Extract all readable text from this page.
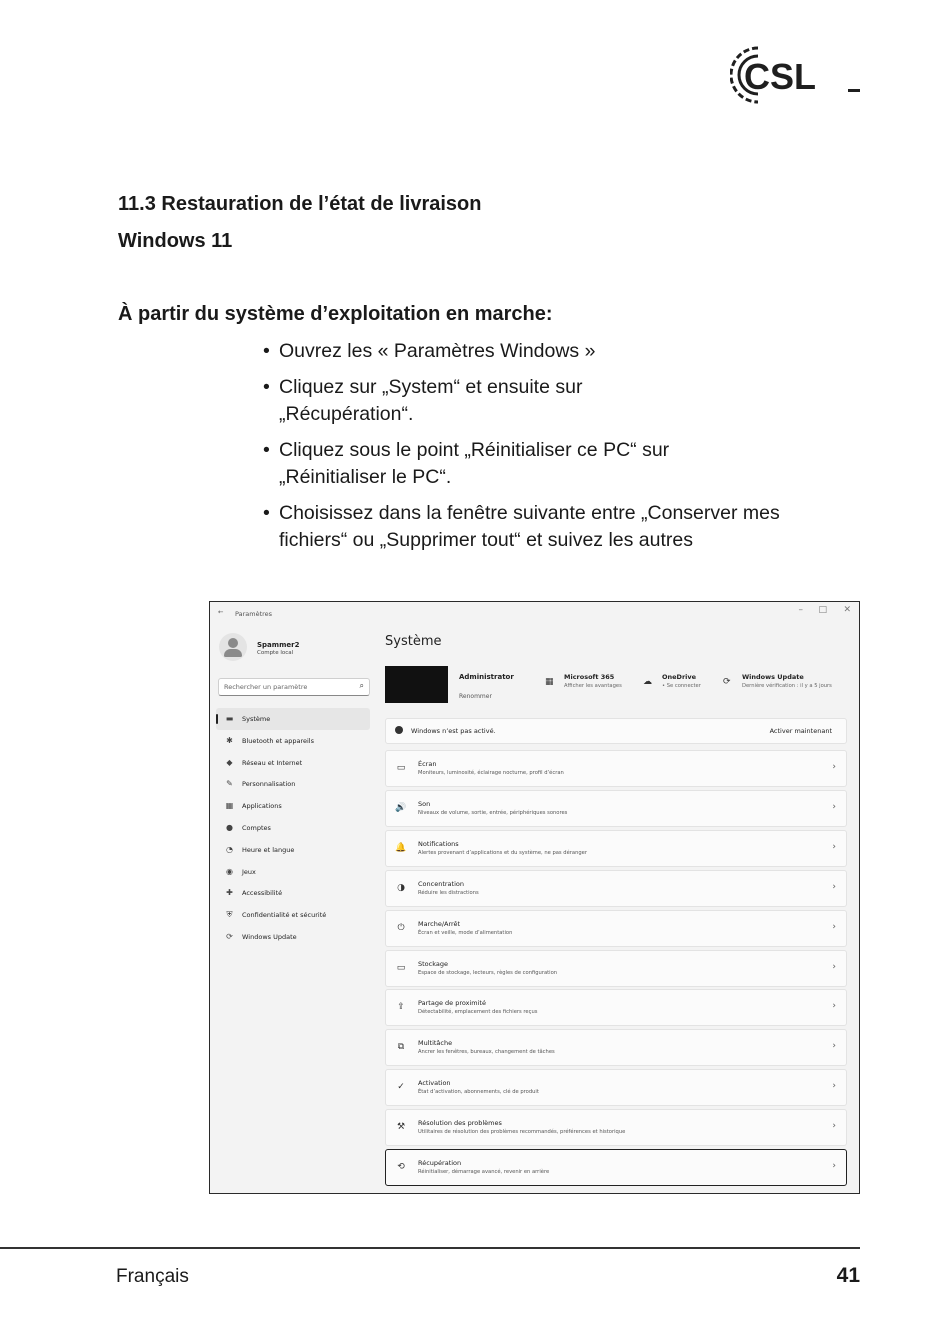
CSL
11.3 Restauration de l’état de livraison
Windows 11
À partir du système d’exploitation en marche:
• Ouvrez les « Paramètres Windows »
• Cliquez sur „System“ et ensuite sur
„Récupération“.
• Cliquez sous le point „Réinitialiser ce PC“ sur
„Réinitialiser le PC“.
• Choisissez dans la fenêtre suivante entre „Conserver mes
fichiers“ ou „Supprimer tout“ et suivez les autres
← Paramètres	– □ ✕
Spammer2
Compte local
Rechercher un paramètre	⌕
▬ Système
✱	Bluetooth et appareils
◆	Réseau et Internet
✎	Personnalisation
▦ Applications
●	Comptes
◔	Heure et langue
◉	Jeux
✚	Accessibilité
⛨	Confidentialité et sécurité
⟳	Windows Update
Système
Administrator
Renommer
▦ Microsoft 365
Afficher les avantages ☁ OneDrive
• Se connecter ⟳ Windows Update
Dernière vérification : il y a 5 jours
Windows n’est pas activé.	Activer maintenant
▭ Écran
Moniteurs, luminosité, éclairage nocturne, profil d’écran
›
🔊 Son
Niveaux de volume, sortie, entrée, périphériques sonores
›
🔔 Notifications
Alertes provenant d’applications et du système, ne pas déranger
›
◑	Concentration
Réduire les distractions
›
⏻	Marche/Arrêt
Écran et veille, mode d’alimentation
›
▭ Stockage
Espace de stockage, lecteurs, règles de configuration
›
⇪	Partage de proximité
Détectabilité, emplacement des fichiers reçus
›
⧉	Multitâche
Ancrer les fenêtres, bureaux, changement de tâches
›
✓	Activation
État d’activation, abonnements, clé de produit
›
⚒	Résolution des problèmes
Utilitaires de résolution des problèmes recommandés, préférences et historique
›
⟲	Récupération
Réinitialiser, démarrage avancé, revenir en arrière
›
Français	41
